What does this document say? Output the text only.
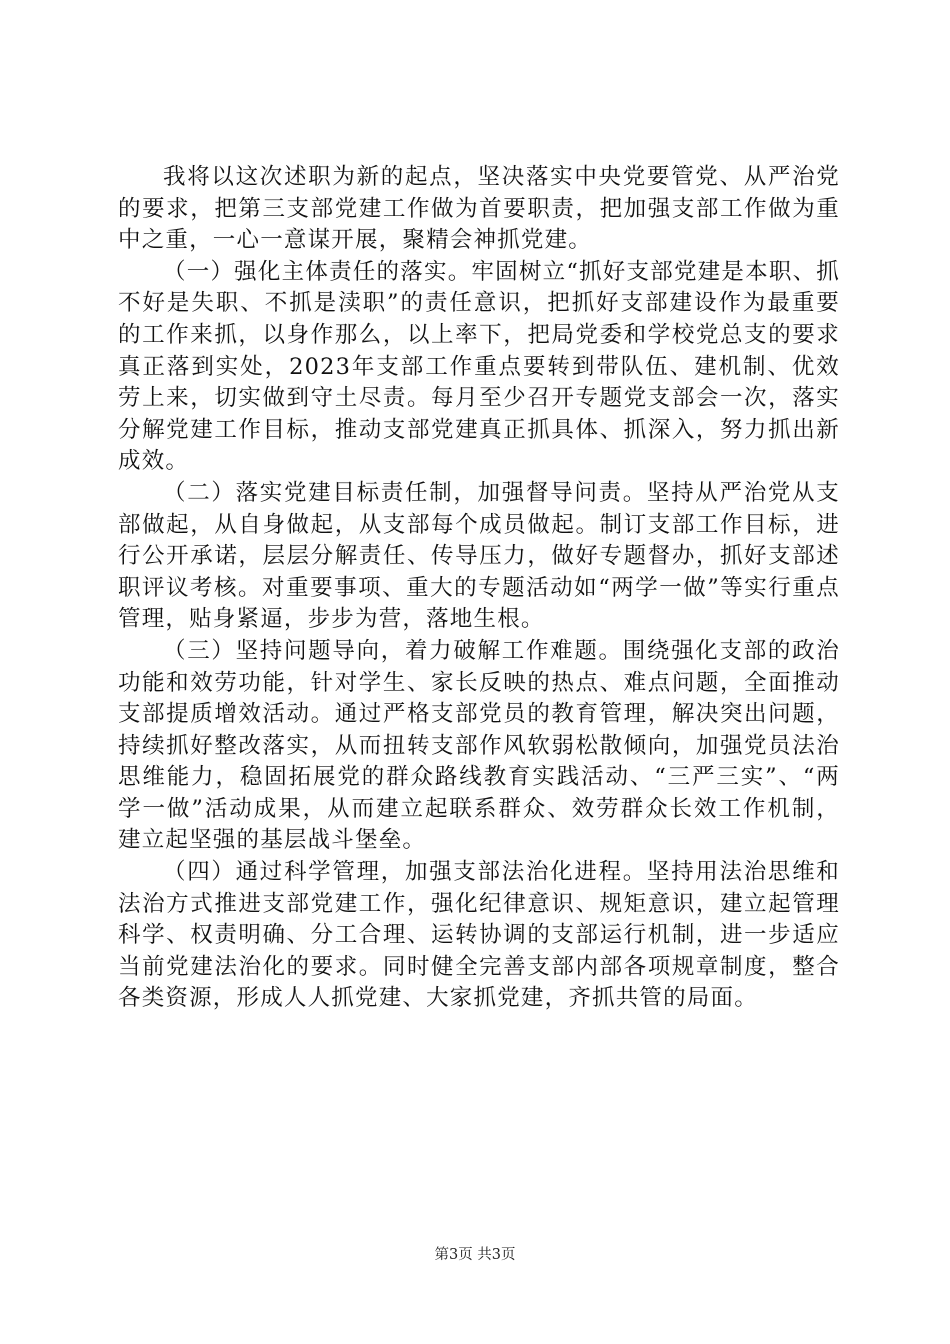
我将以这次述职为新的起点，坚决落实中央党要管党、从严治党的要求，把第三支部党建工作做为首要职责，把加强支部工作做为重中之重，一心一意谋开展，聚精会神抓党建。

（一）强化主体责任的落实。牢固树立“抓好支部党建是本职、抓不好是失职、不抓是渎职”的责任意识，把抓好支部建设作为最重要的工作来抓，以身作那么，以上率下，把局党委和学校党总支的要求真正落到实处，2023年支部工作重点要转到带队伍、建机制、优效劳上来，切实做到守土尽责。每月至少召开专题党支部会一次，落实分解党建工作目标，推动支部党建真正抓具体、抓深入，努力抓出新成效。

（二）落实党建目标责任制，加强督导问责。坚持从严治党从支部做起，从自身做起，从支部每个成员做起。制订支部工作目标，进行公开承诺，层层分解责任、传导压力，做好专题督办，抓好支部述职评议考核。对重要事项、重大的专题活动如“两学一做”等实行重点管理，贴身紧逼，步步为营，落地生根。

（三）坚持问题导向，着力破解工作难题。围绕强化支部的政治功能和效劳功能，针对学生、家长反映的热点、难点问题，全面推动支部提质增效活动。通过严格支部党员的教育管理，解决突出问题，持续抓好整改落实，从而扭转支部作风软弱松散倾向，加强党员法治思维能力，稳固拓展党的群众路线教育实践活动、“三严三实”、“两学一做”活动成果，从而建立起联系群众、效劳群众长效工作机制，建立起坚强的基层战斗堡垒。

（四）通过科学管理，加强支部法治化进程。坚持用法治思维和法治方式推进支部党建工作，强化纪律意识、规矩意识，建立起管理科学、权责明确、分工合理、运转协调的支部运行机制，进一步适应当前党建法治化的要求。同时健全完善支部内部各项规章制度，整合各类资源，形成人人抓党建、大家抓党建，齐抓共管的局面。

第3页 共3页
